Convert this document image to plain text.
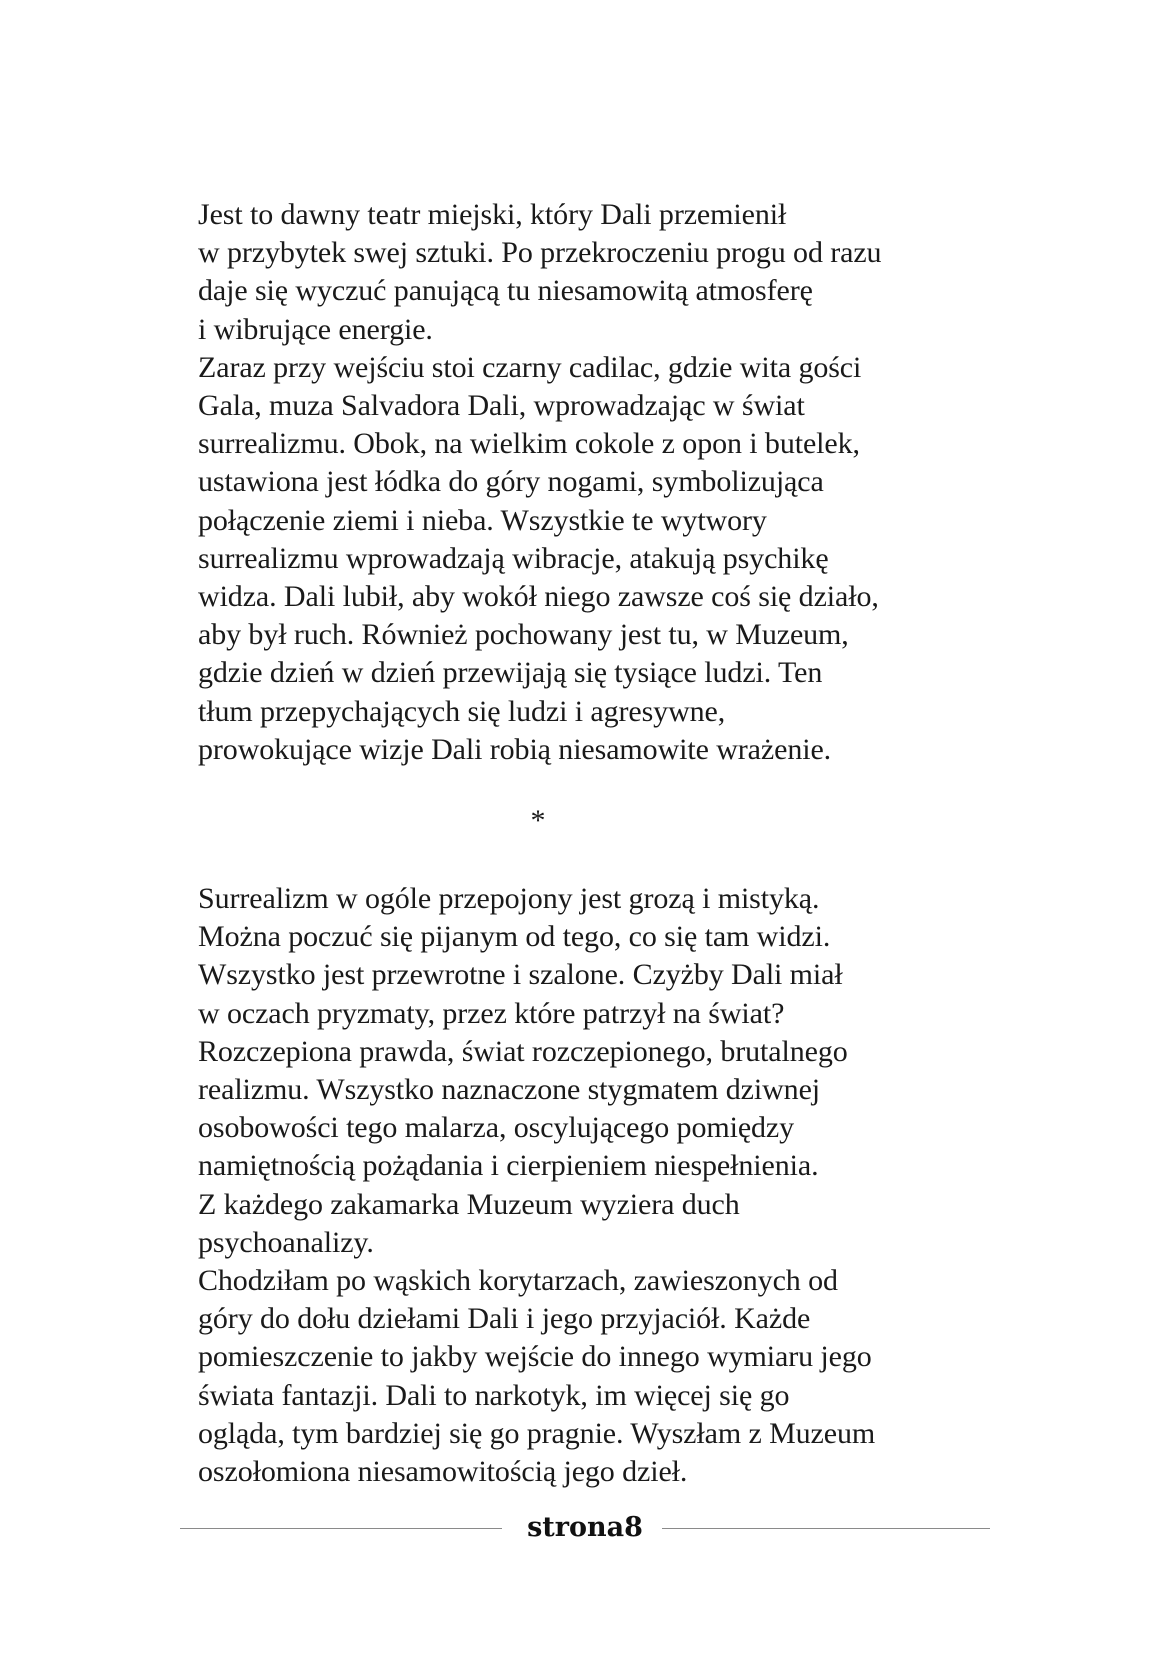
Jest to dawny teatr miejski, który Dali przemienił
w przybytek swej sztuki. Po przekroczeniu progu od razu
daje się wyczuć panującą tu niesamowitą atmosferę
i wibrujące energie.
Zaraz przy wejściu stoi czarny cadilac, gdzie wita gości
Gala, muza Salvadora Dali, wprowadzając w świat
surrealizmu. Obok, na wielkim cokole z opon i butelek,
ustawiona jest łódka do góry nogami, symbolizująca
połączenie ziemi i nieba. Wszystkie te wytwory
surrealizmu wprowadzają wibracje, atakują psychikę
widza. Dali lubił, aby wokół niego zawsze coś się działo,
aby był ruch. Również pochowany jest tu, w Muzeum,
gdzie dzień w dzień przewijają się tysiące ludzi. Ten
tłum przepychających się ludzi i agresywne,
prowokujące wizje Dali robią niesamowite wrażenie.
*
Surrealizm w ogóle przepojony jest grozą i mistyką.
Można poczuć się pijanym od tego, co się tam widzi.
Wszystko jest przewrotne i szalone. Czyżby Dali miał
w oczach pryzmaty, przez które patrzył na świat?
Rozczepiona prawda, świat rozczepionego, brutalnego
realizmu. Wszystko naznaczone stygmatem dziwnej
osobowości tego malarza, oscylującego pomiędzy
namiętnością pożądania i cierpieniem niespełnienia.
Z każdego zakamarka Muzeum wyziera duch
psychoanalizy.
Chodziłam po wąskich korytarzach, zawieszonych od
góry do dołu dziełami Dali i jego przyjaciół. Każde
pomieszczenie to jakby wejście do innego wymiaru jego
świata fantazji. Dali to narkotyk, im więcej się go
ogląda, tym bardziej się go pragnie. Wyszłam z Muzeum
oszołomiona niesamowitością jego dzieł.
strona8
